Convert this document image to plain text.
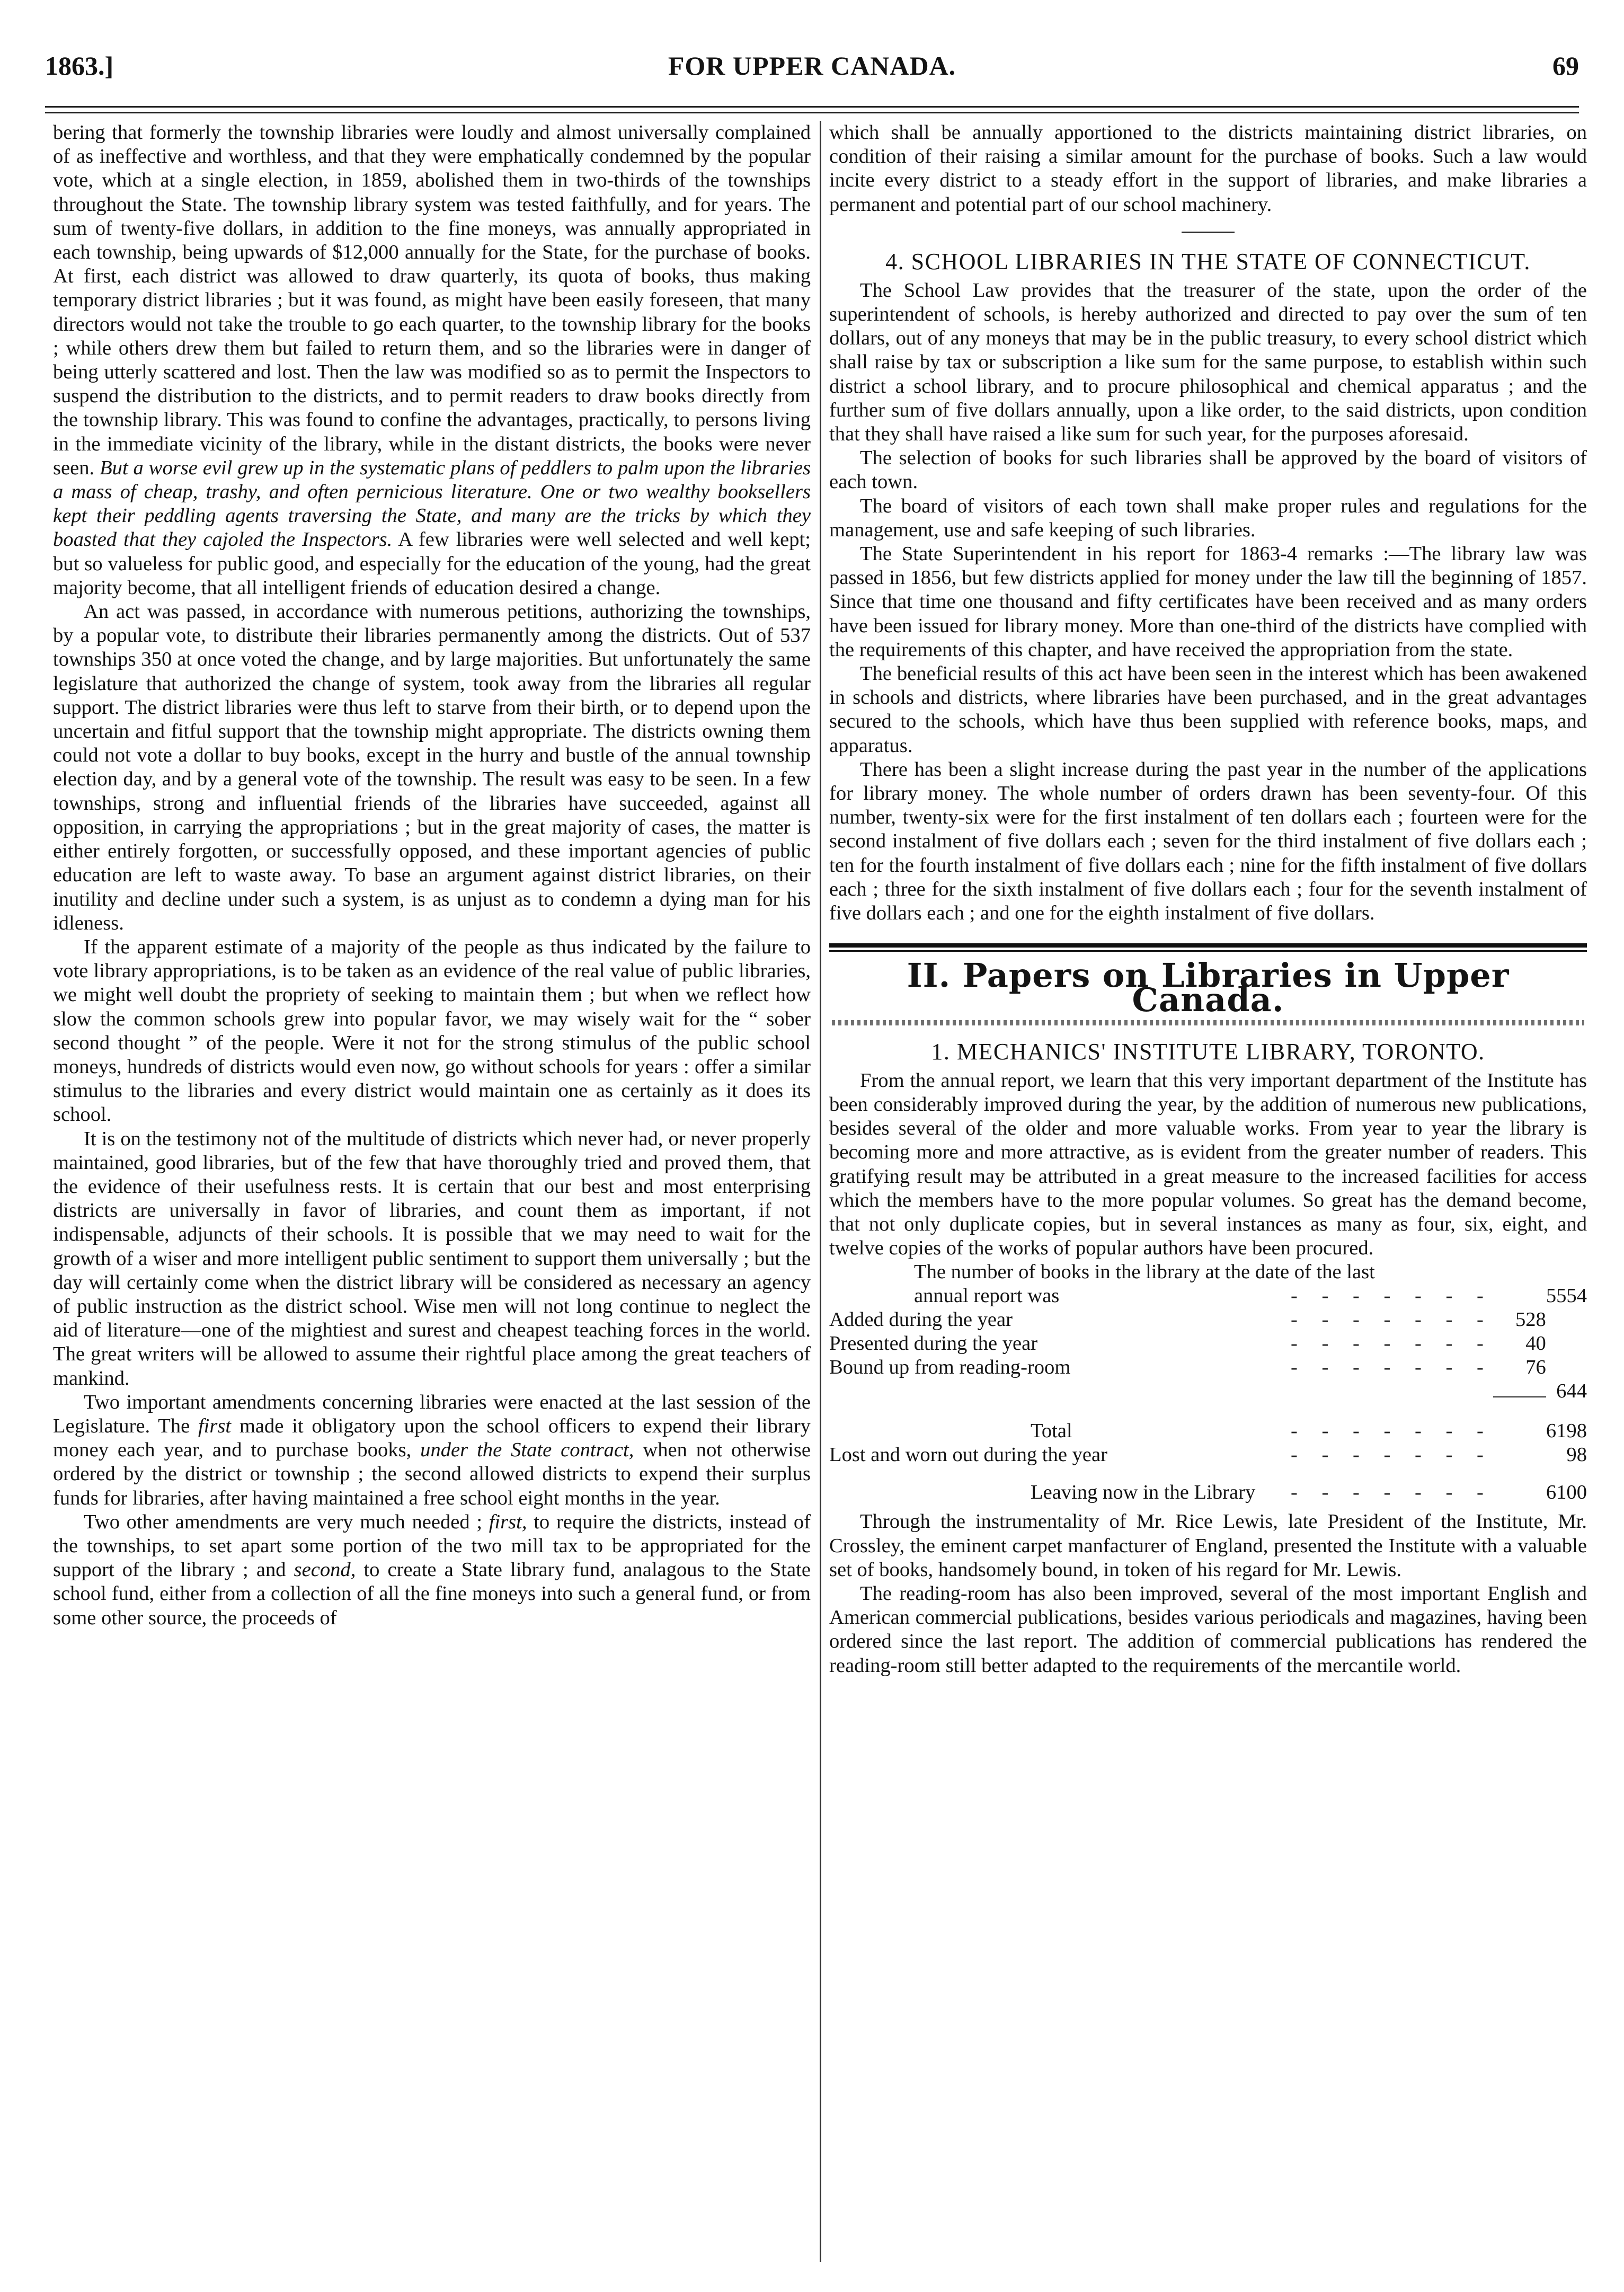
1863.]	FOR UPPER CANADA.	69

bering that formerly the township libraries were loudly and almost universally complained of as ineffective and worthless, and that they were emphatically condemned by the popular vote, which at a single election, in 1859, abolished them in two-thirds of the townships throughout the State. The township library system was tested faithfully, and for years. The sum of twenty-five dollars, in addition to the fine moneys, was annually appropriated in each township, being upwards of $12,000 annually for the State, for the purchase of books. At first, each district was allowed to draw quarterly, its quota of books, thus making temporary district libraries ; but it was found, as might have been easily foreseen, that many directors would not take the trouble to go each quarter, to the township library for the books ; while others drew them but failed to return them, and so the libraries were in danger of being utterly scattered and lost. Then the law was modified so as to permit the Inspectors to suspend the distribution to the districts, and to permit readers to draw books directly from the township library. This was found to confine the advantages, practically, to persons living in the immediate vicinity of the library, while in the distant districts, the books were never seen. But a worse evil grew up in the systematic plans of peddlers to palm upon the libraries a mass of cheap, trashy, and often pernicious literature. One or two wealthy booksellers kept their peddling agents traversing the State, and many are the tricks by which they boasted that they cajoled the Inspectors. A few libraries were well selected and well kept; but so valueless for public good, and especially for the education of the young, had the great majority become, that all intelligent friends of education desired a change.

An act was passed, in accordance with numerous petitions, authorizing the townships, by a popular vote, to distribute their libraries permanently among the districts. Out of 537 townships 350 at once voted the change, and by large majorities. But unfortunately the same legislature that authorized the change of system, took away from the libraries all regular support. The district libraries were thus left to starve from their birth, or to depend upon the uncertain and fitful support that the township might appropriate. The districts owning them could not vote a dollar to buy books, except in the hurry and bustle of the annual township election day, and by a general vote of the township. The result was easy to be seen. In a few townships, strong and influential friends of the libraries have succeeded, against all opposition, in carrying the appropriations ; but in the great majority of cases, the matter is either entirely forgotten, or successfully opposed, and these important agencies of public education are left to waste away. To base an argument against district libraries, on their inutility and decline under such a system, is as unjust as to condemn a dying man for his idleness.

If the apparent estimate of a majority of the people as thus indicated by the failure to vote library appropriations, is to be taken as an evidence of the real value of public libraries, we might well doubt the propriety of seeking to maintain them ; but when we reflect how slow the common schools grew into popular favor, we may wisely wait for the “ sober second thought ” of the people. Were it not for the strong stimulus of the public school moneys, hundreds of districts would even now, go without schools for years : offer a similar stimulus to the libraries and every district would maintain one as certainly as it does its school.

It is on the testimony not of the multitude of districts which never had, or never properly maintained, good libraries, but of the few that have thoroughly tried and proved them, that the evidence of their usefulness rests. It is certain that our best and most enterprising districts are universally in favor of libraries, and count them as important, if not indispensable, adjuncts of their schools. It is possible that we may need to wait for the growth of a wiser and more intelligent public sentiment to support them universally ; but the day will certainly come when the district library will be considered as necessary an agency of public instruction as the district school. Wise men will not long continue to neglect the aid of literature—one of the mightiest and surest and cheapest teaching forces in the world. The great writers will be allowed to assume their rightful place among the great teachers of mankind.

Two important amendments concerning libraries were enacted at the last session of the Legislature. The first made it obligatory upon the school officers to expend their library money each year, and to purchase books, under the State contract, when not otherwise ordered by the district or township ; the second allowed districts to expend their surplus funds for libraries, after having maintained a free school eight months in the year.

Two other amendments are very much needed ; first, to require the districts, instead of the townships, to set apart some portion of the two mill tax to be appropriated for the support of the library ; and second, to create a State library fund, analagous to the State school fund, either from a collection of all the fine moneys into such a general fund, or from some other source, the proceeds of

which shall be annually apportioned to the districts maintaining district libraries, on condition of their raising a similar amount for the purchase of books. Such a law would incite every district to a steady effort in the support of libraries, and make libraries a permanent and potential part of our school machinery.

4. SCHOOL LIBRARIES IN THE STATE OF CONNECTICUT.

The School Law provides that the treasurer of the state, upon the order of the superintendent of schools, is hereby authorized and directed to pay over the sum of ten dollars, out of any moneys that may be in the public treasury, to every school district which shall raise by tax or subscription a like sum for the same purpose, to establish within such district a school library, and to procure philosophical and chemical apparatus ; and the further sum of five dollars annually, upon a like order, to the said districts, upon condition that they shall have raised a like sum for such year, for the purposes aforesaid.

The selection of books for such libraries shall be approved by the board of visitors of each town.

The board of visitors of each town shall make proper rules and regulations for the management, use and safe keeping of such libraries.

The State Superintendent in his report for 1863-4 remarks :—The library law was passed in 1856, but few districts applied for money under the law till the beginning of 1857. Since that time one thousand and fifty certificates have been received and as many orders have been issued for library money. More than one-third of the districts have complied with the requirements of this chapter, and have received the appropriation from the state.

The beneficial results of this act have been seen in the interest which has been awakened in schools and districts, where libraries have been purchased, and in the great advantages secured to the schools, which have thus been supplied with reference books, maps, and apparatus.

There has been a slight increase during the past year in the number of the applications for library money. The whole number of orders drawn has been seventy-four. Of this number, twenty-six were for the first instalment of ten dollars each ; fourteen were for the second instalment of five dollars each ; seven for the third instalment of five dollars each ; ten for the fourth instalment of five dollars each ; nine for the fifth instalment of five dollars each ; three for the sixth instalment of five dollars each ; four for the seventh instalment of five dollars each ; and one for the eighth instalment of five dollars.

II. Papers on Libraries in Upper Canada.
1. MECHANICS' INSTITUTE LIBRARY, TORONTO.

From the annual report, we learn that this very important department of the Institute has been considerably improved during the year, by the addition of numerous new publications, besides several of the older and more valuable works. From year to year the library is becoming more and more attractive, as is evident from the greater number of readers. This gratifying result may be attributed in a great measure to the increased facilities for access which the members have to the more popular volumes. So great has the demand become, that not only duplicate copies, but in several instances as many as four, six, eight, and twelve copies of the works of popular authors have been procured.

The number of books in the library at the date of the last			
annual report was	- - - - - - -		5554
Added during the year	- - - - - - -	528	
Presented during the year	- - - - - - -	40	
Bound up from reading-room	- - - - - - -	76	
			644

Total	- - - - - - -		6198
Lost and worn out during the year	- - - - - - -		98

Leaving now in the Library	- - - - - - -		6100

Through the instrumentality of Mr. Rice Lewis, late President of the Institute, Mr. Crossley, the eminent carpet manfacturer of England, presented the Institute with a valuable set of books, handsomely bound, in token of his regard for Mr. Lewis.

The reading-room has also been improved, several of the most important English and American commercial publications, besides various periodicals and magazines, having been ordered since the last report. The addition of commercial publications has rendered the reading-room still better adapted to the requirements of the mercantile world.
